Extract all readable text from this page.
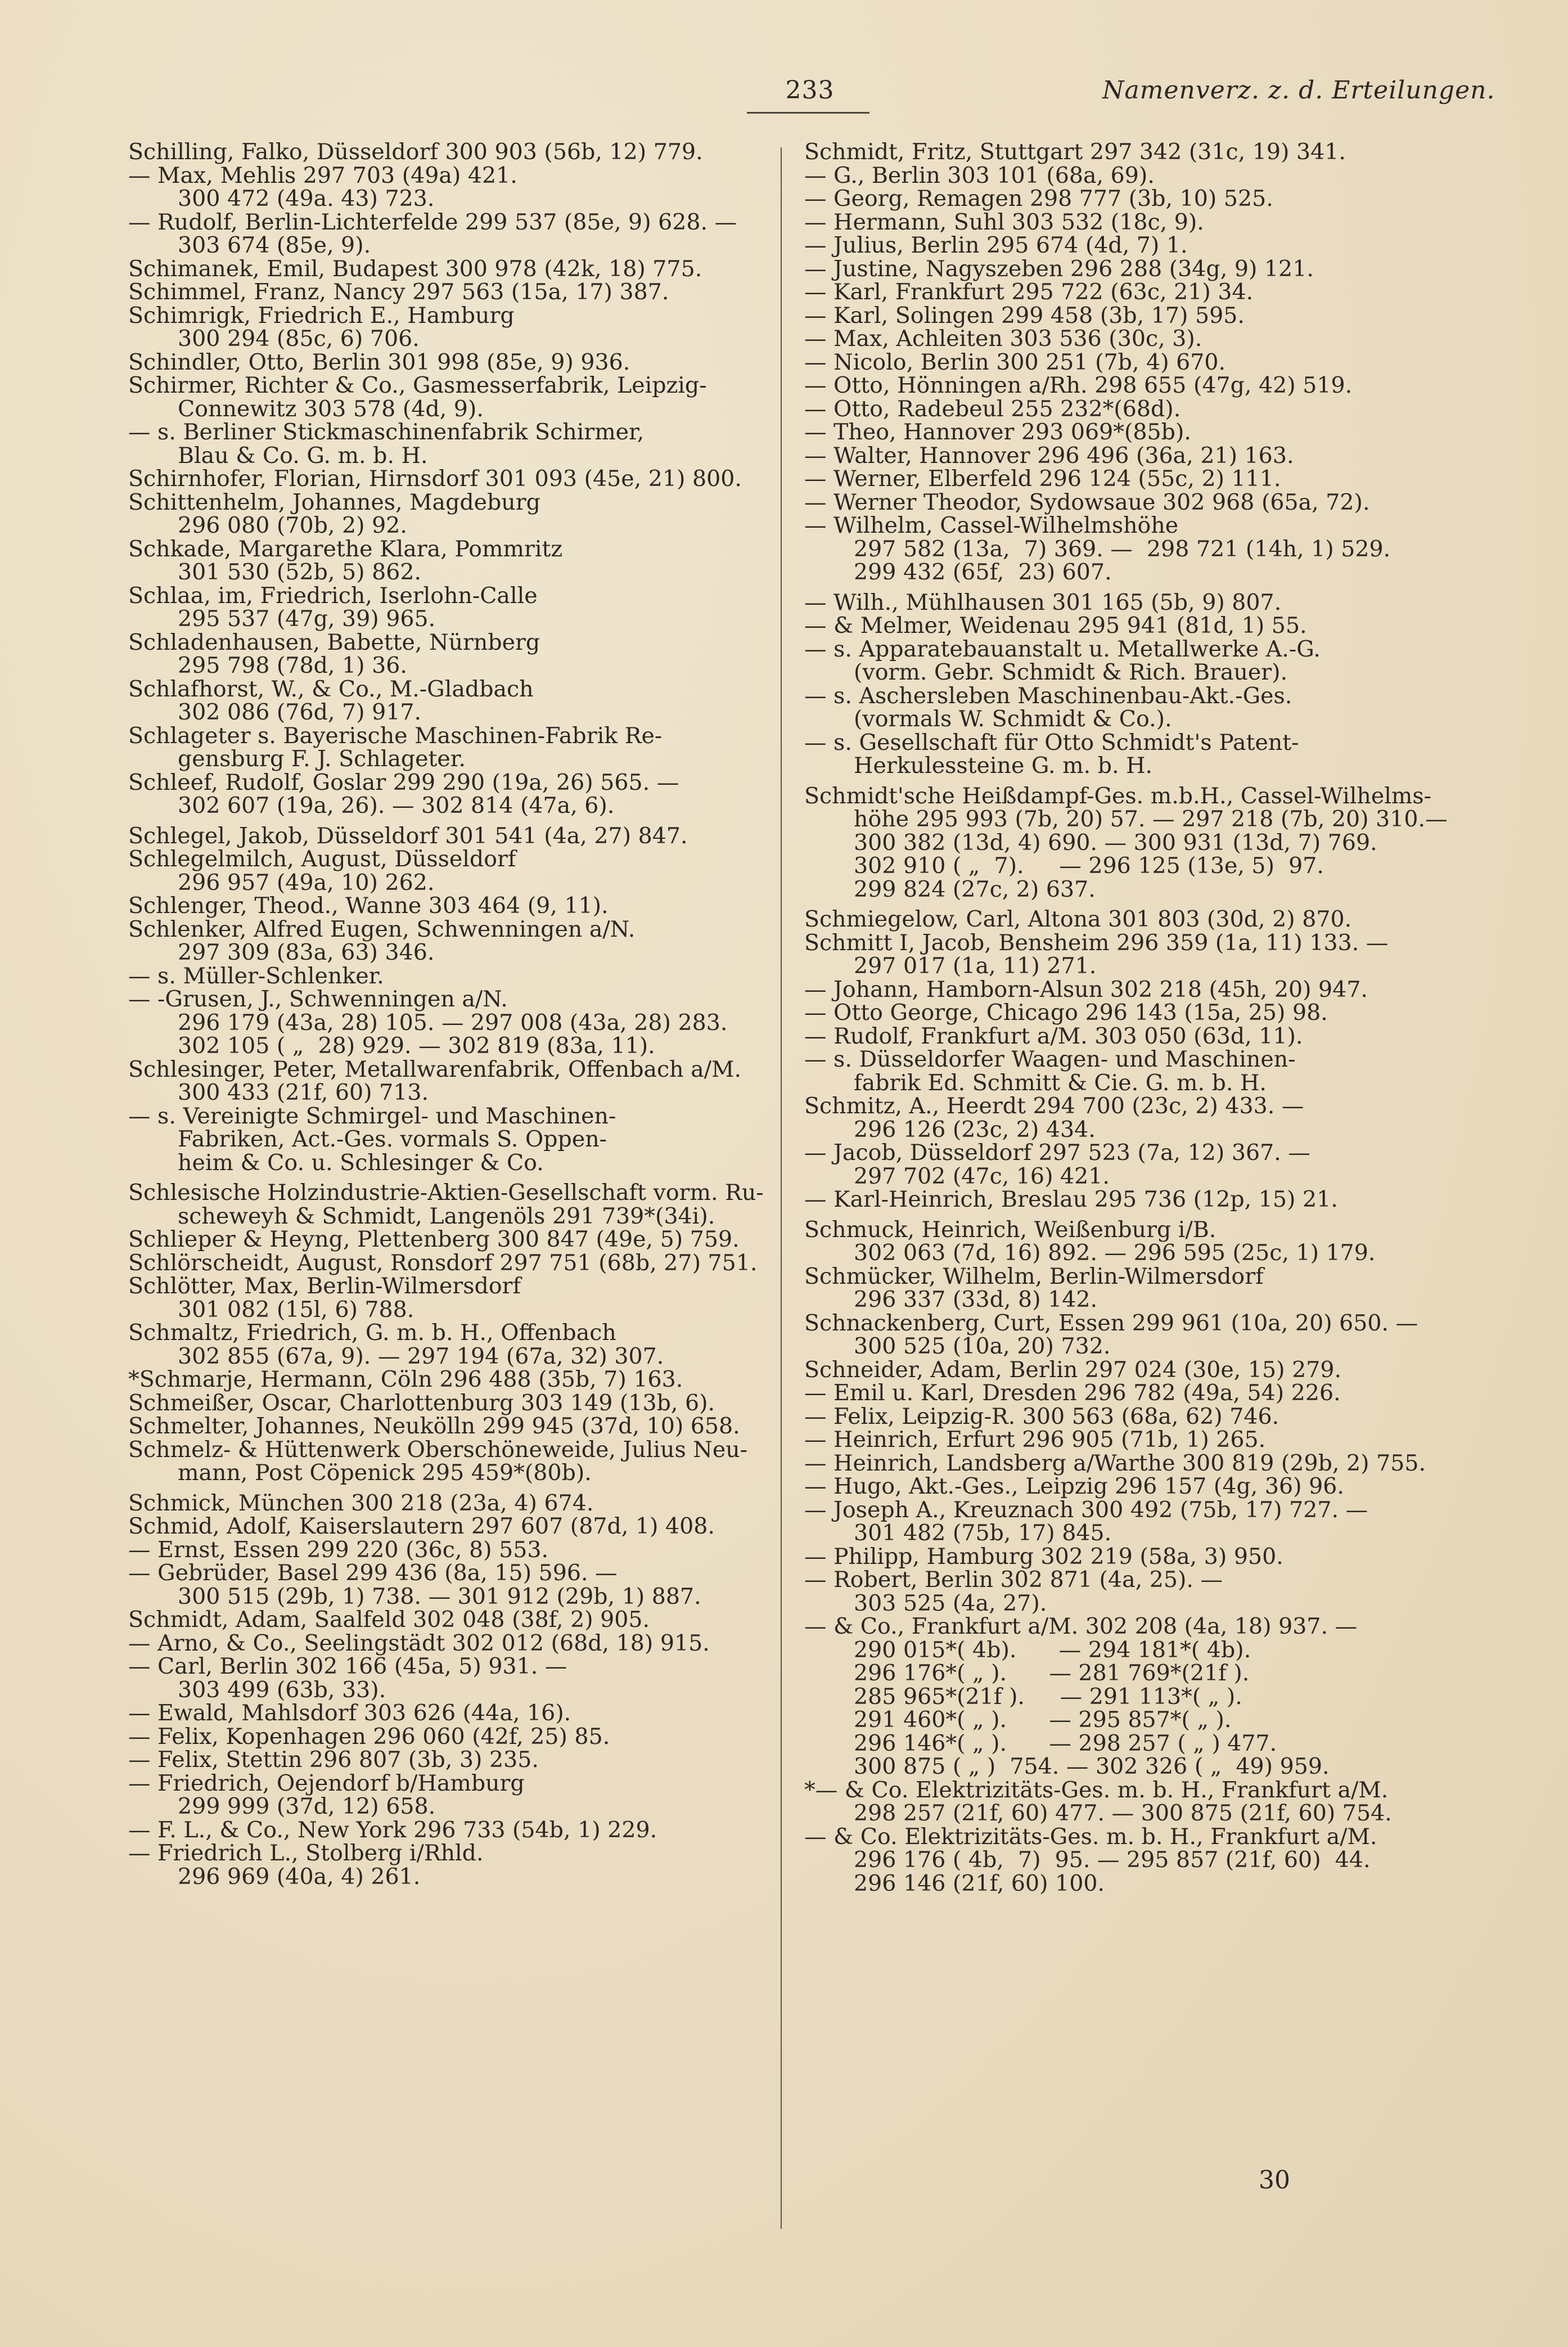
233	Namenverz. z. d. Erteilungen.
Schilling, Falko, Düsseldorf 300 903 (56b, 12) 779.
— Max, Mehlis 297 703 (49a) 421.
300 472 (49a. 43) 723.
— Rudolf, Berlin-Lichterfelde 299 537 (85e, 9) 628. —
303 674 (85e, 9).
Schimanek, Emil, Budapest 300 978 (42k, 18) 775.
Schimmel, Franz, Nancy 297 563 (15a, 17) 387.
Schimrigk, Friedrich E., Hamburg
300 294 (85c, 6) 706.
Schindler, Otto, Berlin 301 998 (85e, 9) 936.
Schirmer, Richter & Co., Gasmesserfabrik, Leipzig-
Connewitz 303 578 (4d, 9).
— s. Berliner Stickmaschinenfabrik Schirmer,
Blau & Co. G. m. b. H.
Schirnhofer, Florian, Hirnsdorf 301 093 (45e, 21) 800.
Schittenhelm, Johannes, Magdeburg
296 080 (70b, 2) 92.
Schkade, Margarethe Klara, Pommritz
301 530 (52b, 5) 862.
Schlaa, im, Friedrich, Iserlohn-Calle
295 537 (47g, 39) 965.
Schladenhausen, Babette, Nürnberg
295 798 (78d, 1) 36.
Schlafhorst, W., & Co., M.-Gladbach
302 086 (76d, 7) 917.
Schlageter s. Bayerische Maschinen-Fabrik Re-
gensburg F. J. Schlageter.
Schleef, Rudolf, Goslar 299 290 (19a, 26) 565. —
302 607 (19a, 26). — 302 814 (47a, 6).
Schlegel, Jakob, Düsseldorf 301 541 (4a, 27) 847.
Schlegelmilch, August, Düsseldorf
296 957 (49a, 10) 262.
Schlenger, Theod., Wanne 303 464 (9, 11).
Schlenker, Alfred Eugen, Schwenningen a/N.
297 309 (83a, 63) 346.
— s. Müller-Schlenker.
— -Grusen, J., Schwenningen a/N.
296 179 (43a, 28) 105. — 297 008 (43a, 28) 283.
302 105 ( „  28) 929. — 302 819 (83a, 11).
Schlesinger, Peter, Metallwarenfabrik, Offenbach a/M.
300 433 (21f, 60) 713.
— s. Vereinigte Schmirgel- und Maschinen-
Fabriken, Act.-Ges. vormals S. Oppen-
heim & Co. u. Schlesinger & Co.
Schlesische Holzindustrie-Aktien-Gesellschaft vorm. Ru-
scheweyh & Schmidt, Langenöls 291 739*(34i).
Schlieper & Heyng, Plettenberg 300 847 (49e, 5) 759.
Schlörscheidt, August, Ronsdorf 297 751 (68b, 27) 751.
Schlötter, Max, Berlin-Wilmersdorf
301 082 (15l, 6) 788.
Schmaltz, Friedrich, G. m. b. H., Offenbach
302 855 (67a, 9). — 297 194 (67a, 32) 307.
*Schmarje, Hermann, Cöln 296 488 (35b, 7) 163.
Schmeißer, Oscar, Charlottenburg 303 149 (13b, 6).
Schmelter, Johannes, Neukölln 299 945 (37d, 10) 658.
Schmelz- & Hüttenwerk Oberschöneweide, Julius Neu-
mann, Post Cöpenick 295 459*(80b).
Schmick, München 300 218 (23a, 4) 674.
Schmid, Adolf, Kaiserslautern 297 607 (87d, 1) 408.
— Ernst, Essen 299 220 (36c, 8) 553.
— Gebrüder, Basel 299 436 (8a, 15) 596. —
300 515 (29b, 1) 738. — 301 912 (29b, 1) 887.
Schmidt, Adam, Saalfeld 302 048 (38f, 2) 905.
— Arno, & Co., Seelingstädt 302 012 (68d, 18) 915.
— Carl, Berlin 302 166 (45a, 5) 931. —
303 499 (63b, 33).
— Ewald, Mahlsdorf 303 626 (44a, 16).
— Felix, Kopenhagen 296 060 (42f, 25) 85.
— Felix, Stettin 296 807 (3b, 3) 235.
— Friedrich, Oejendorf b/Hamburg
299 999 (37d, 12) 658.
— F. L., & Co., New York 296 733 (54b, 1) 229.
— Friedrich L., Stolberg i/Rhld.
296 969 (40a, 4) 261.
Schmidt, Fritz, Stuttgart 297 342 (31c, 19) 341.
— G., Berlin 303 101 (68a, 69).
— Georg, Remagen 298 777 (3b, 10) 525.
— Hermann, Suhl 303 532 (18c, 9).
— Julius, Berlin 295 674 (4d, 7) 1.
— Justine, Nagyszeben 296 288 (34g, 9) 121.
— Karl, Frankfurt 295 722 (63c, 21) 34.
— Karl, Solingen 299 458 (3b, 17) 595.
— Max, Achleiten 303 536 (30c, 3).
— Nicolo, Berlin 300 251 (7b, 4) 670.
— Otto, Hönningen a/Rh. 298 655 (47g, 42) 519.
— Otto, Radebeul 255 232*(68d).
— Theo, Hannover 293 069*(85b).
— Walter, Hannover 296 496 (36a, 21) 163.
— Werner, Elberfeld 296 124 (55c, 2) 111.
— Werner Theodor, Sydowsaue 302 968 (65a, 72).
— Wilhelm, Cassel-Wilhelmshöhe
297 582 (13a,  7) 369. —  298 721 (14h, 1) 529.
299 432 (65f,  23) 607.
— Wilh., Mühlhausen 301 165 (5b, 9) 807.
— & Melmer, Weidenau 295 941 (81d, 1) 55.
— s. Apparatebauanstalt u. Metallwerke A.-G.
(vorm. Gebr. Schmidt & Rich. Brauer).
— s. Aschersleben Maschinenbau-Akt.-Ges.
(vormals W. Schmidt & Co.).
— s. Gesellschaft für Otto Schmidt's Patent-
Herkulessteine G. m. b. H.
Schmidt'sche Heißdampf-Ges. m.b.H., Cassel-Wilhelms-
höhe 295 993 (7b, 20) 57. — 297 218 (7b, 20) 310.—
300 382 (13d, 4) 690. — 300 931 (13d, 7) 769.
302 910 ( „  7).     — 296 125 (13e, 5)  97.
299 824 (27c, 2) 637.
Schmiegelow, Carl, Altona 301 803 (30d, 2) 870.
Schmitt I, Jacob, Bensheim 296 359 (1a, 11) 133. —
297 017 (1a, 11) 271.
— Johann, Hamborn-Alsun 302 218 (45h, 20) 947.
— Otto George, Chicago 296 143 (15a, 25) 98.
— Rudolf, Frankfurt a/M. 303 050 (63d, 11).
— s. Düsseldorfer Waagen- und Maschinen-
fabrik Ed. Schmitt & Cie. G. m. b. H.
Schmitz, A., Heerdt 294 700 (23c, 2) 433. —
296 126 (23c, 2) 434.
— Jacob, Düsseldorf 297 523 (7a, 12) 367. —
297 702 (47c, 16) 421.
— Karl-Heinrich, Breslau 295 736 (12p, 15) 21.
Schmuck, Heinrich, Weißenburg i/B.
302 063 (7d, 16) 892. — 296 595 (25c, 1) 179.
Schmücker, Wilhelm, Berlin-Wilmersdorf
296 337 (33d, 8) 142.
Schnackenberg, Curt, Essen 299 961 (10a, 20) 650. —
300 525 (10a, 20) 732.
Schneider, Adam, Berlin 297 024 (30e, 15) 279.
— Emil u. Karl, Dresden 296 782 (49a, 54) 226.
— Felix, Leipzig-R. 300 563 (68a, 62) 746.
— Heinrich, Erfurt 296 905 (71b, 1) 265.
— Heinrich, Landsberg a/Warthe 300 819 (29b, 2) 755.
— Hugo, Akt.-Ges., Leipzig 296 157 (4g, 36) 96.
— Joseph A., Kreuznach 300 492 (75b, 17) 727. —
301 482 (75b, 17) 845.
— Philipp, Hamburg 302 219 (58a, 3) 950.
— Robert, Berlin 302 871 (4a, 25). —
303 525 (4a, 27).
— & Co., Frankfurt a/M. 302 208 (4a, 18) 937. —
290 015*( 4b).      — 294 181*( 4b).
296 176*( „ ).      — 281 769*(21f ).
285 965*(21f ).     — 291 113*( „ ).
291 460*( „ ).      — 295 857*( „ ).
296 146*( „ ).      — 298 257 ( „ ) 477.
300 875 ( „ )  754. — 302 326 ( „  49) 959.
*— & Co. Elektrizitäts-Ges. m. b. H., Frankfurt a/M.
298 257 (21f, 60) 477. — 300 875 (21f, 60) 754.
— & Co. Elektrizitäts-Ges. m. b. H., Frankfurt a/M.
296 176 ( 4b,  7)  95. — 295 857 (21f, 60)  44.
296 146 (21f, 60) 100.
30
